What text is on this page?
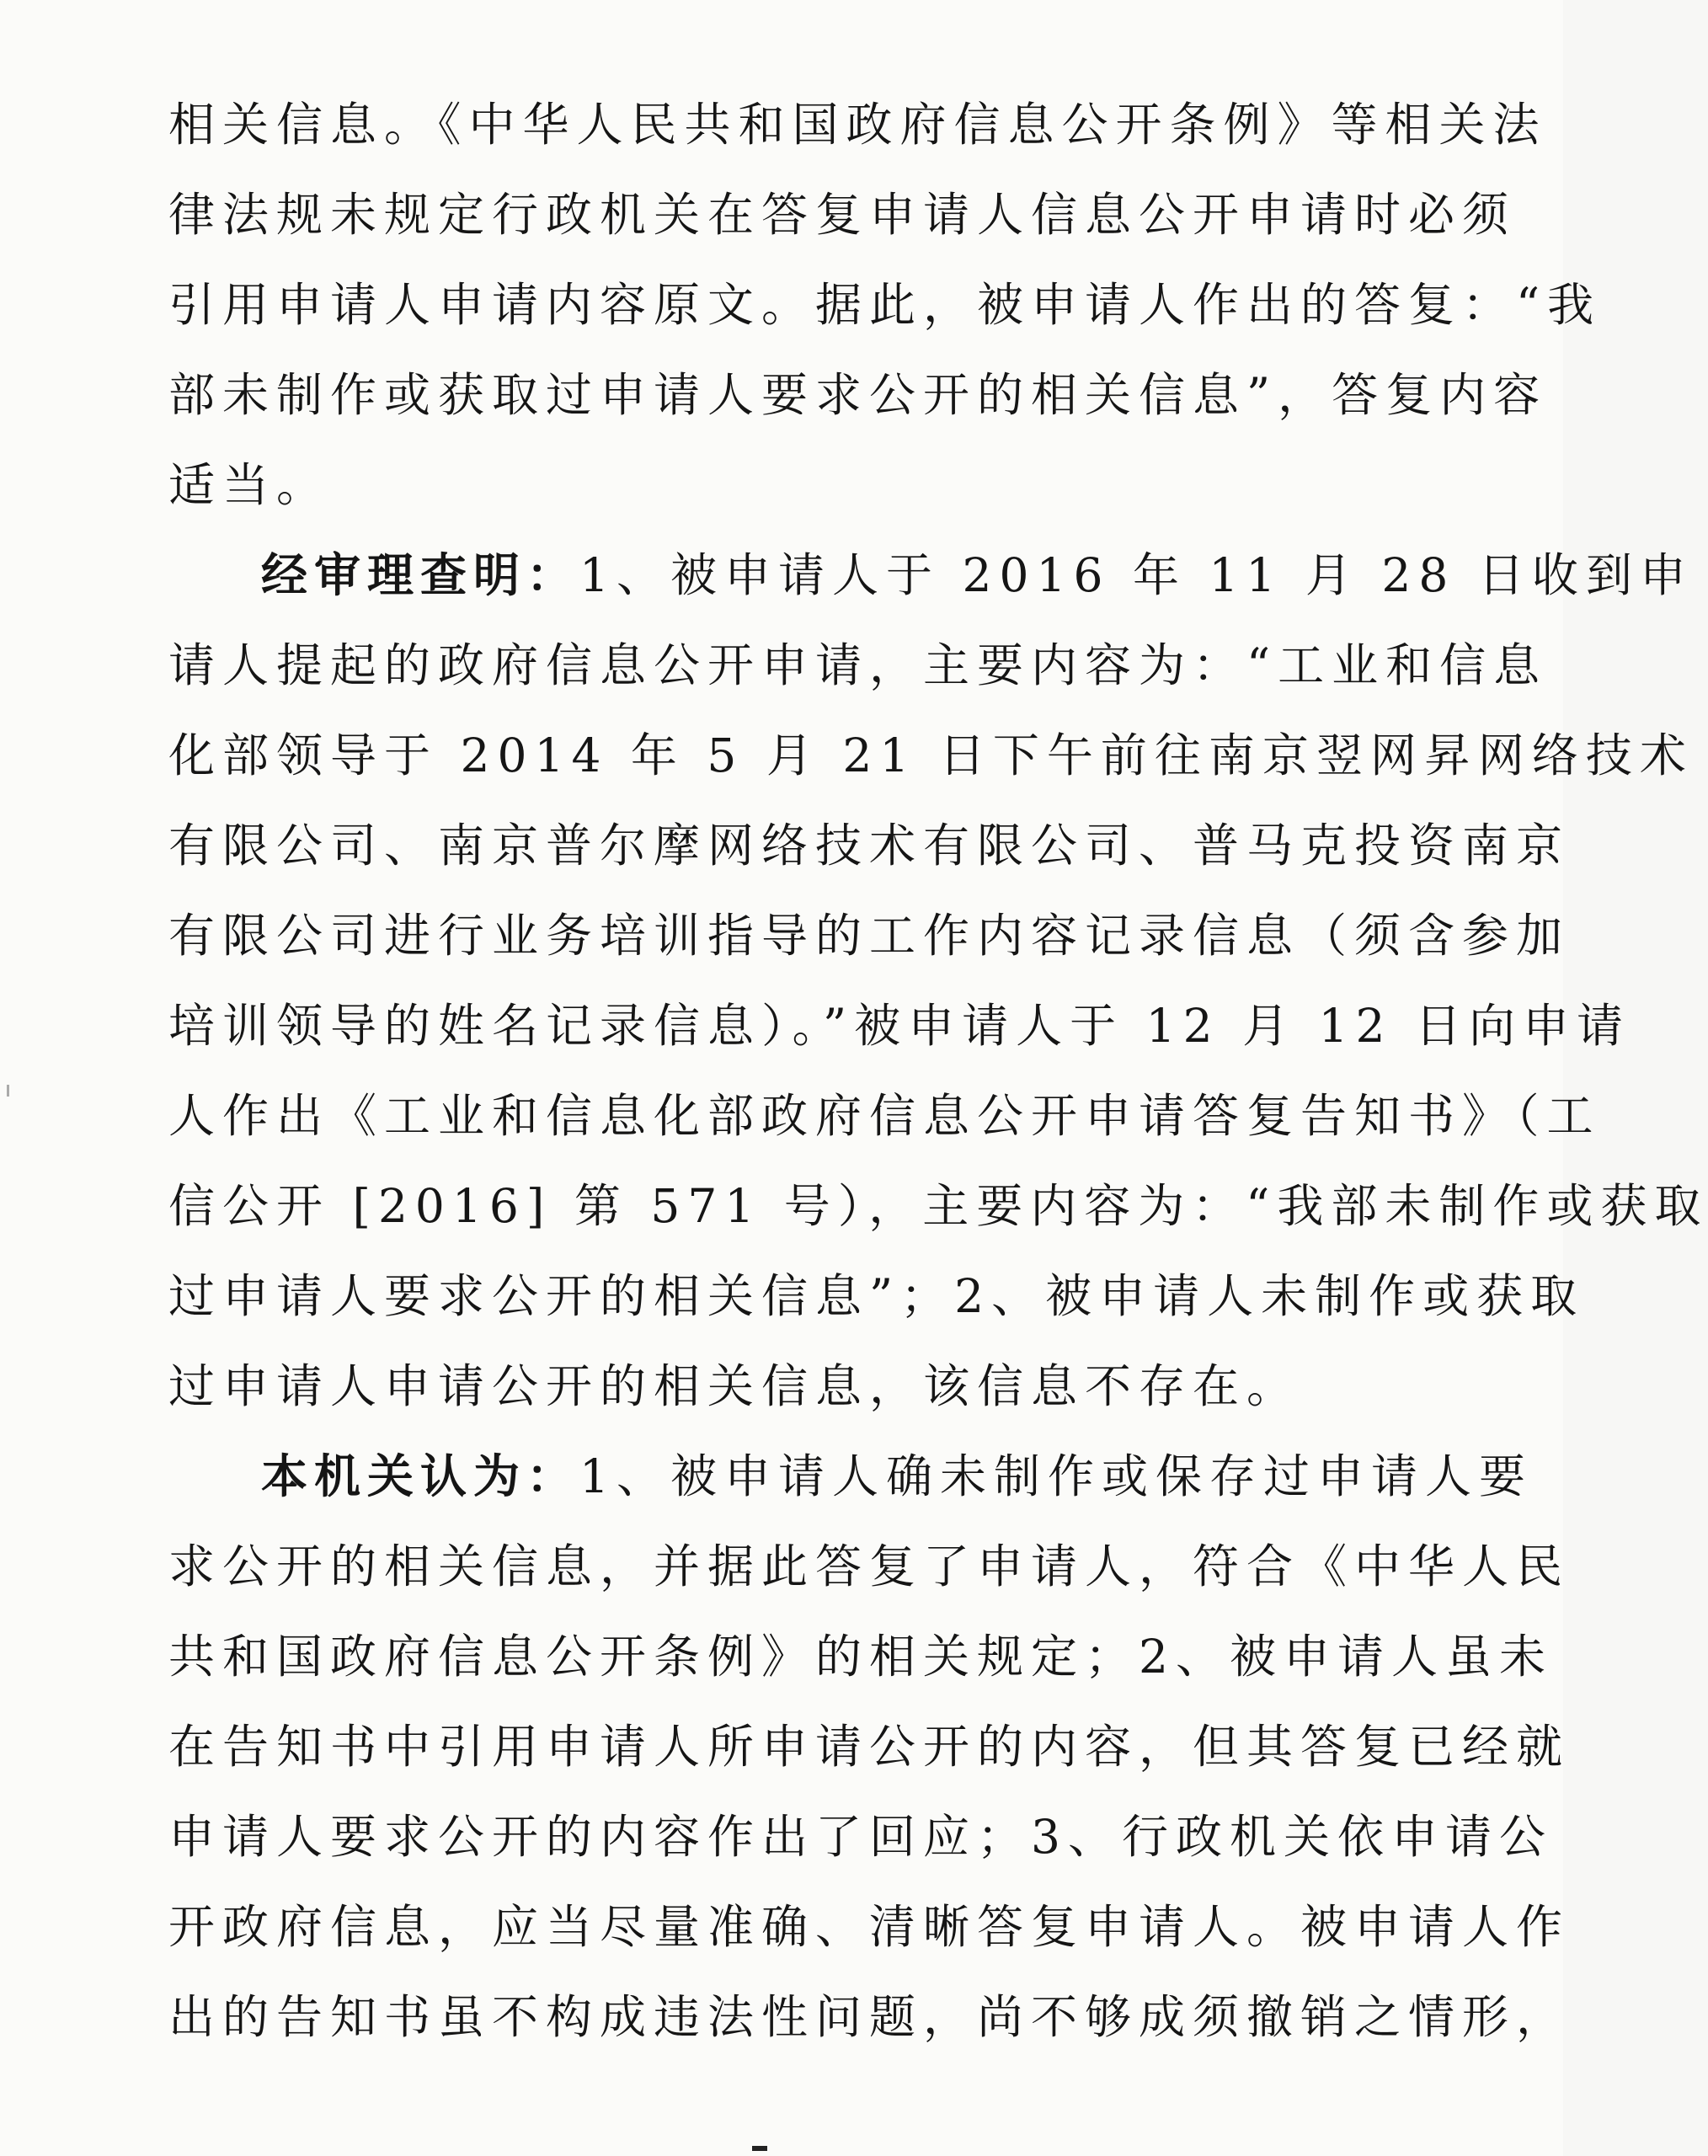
相关信息。《中华人民共和国政府信息公开条例》等相关法
律法规未规定行政机关在答复申请人信息公开申请时必须
引用申请人申请内容原文。据此，被申请人作出的答复：“我
部未制作或获取过申请人要求公开的相关信息”，答复内容
适当。
经审理查明：1、被申请人于 2016 年 11 月 28 日收到申
请人提起的政府信息公开申请，主要内容为：“工业和信息
化部领导于 2014 年 5 月 21 日下午前往南京翌网昇网络技术
有限公司、南京普尔摩网络技术有限公司、普马克投资南京
有限公司进行业务培训指导的工作内容记录信息（须含参加
培训领导的姓名记录信息）。”被申请人于 12 月 12 日向申请
人作出《工业和信息化部政府信息公开申请答复告知书》（工
信公开 [2016] 第 571 号），主要内容为：“我部未制作或获取
过申请人要求公开的相关信息”；2、被申请人未制作或获取
过申请人申请公开的相关信息，该信息不存在。
本机关认为：1、被申请人确未制作或保存过申请人要
求公开的相关信息，并据此答复了申请人，符合《中华人民
共和国政府信息公开条例》的相关规定；2、被申请人虽未
在告知书中引用申请人所申请公开的内容，但其答复已经就
申请人要求公开的内容作出了回应；3、行政机关依申请公
开政府信息，应当尽量准确、清晰答复申请人。被申请人作
出的告知书虽不构成违法性问题，尚不够成须撤销之情形，
